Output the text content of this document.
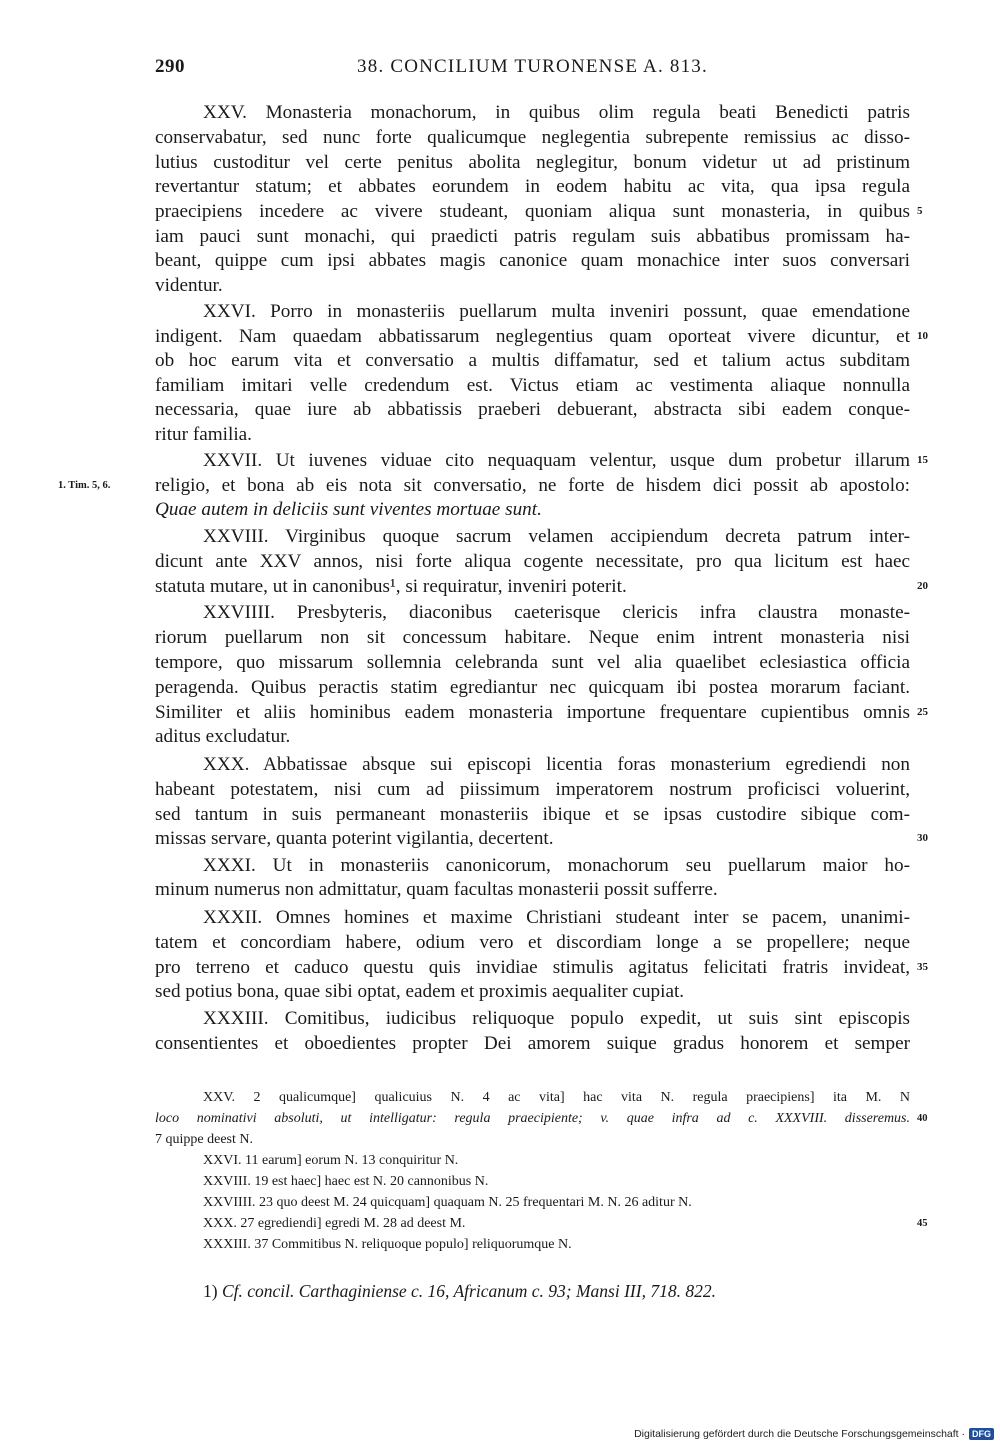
290	38. CONCILIUM TURONENSE A. 813.
XXV. Monasteria monachorum, in quibus olim regula beati Benedicti patris
conservabatur, sed nunc forte qualicumque neglegentia subrepente remissius ac disso-
lutius custoditur vel certe penitus abolita neglegitur, bonum videtur ut ad pristinum
revertantur statum; et abbates eorundem in eodem habitu ac vita, qua ipsa regula
praecipiens incedere ac vivere studeant, quoniam aliqua sunt monasteria, in quibus 5
iam pauci sunt monachi, qui praedicti patris regulam suis abbatibus promissam ha-
beant, quippe cum ipsi abbates magis canonice quam monachice inter suos conversari
videntur.
XXVI. Porro in monasteriis puellarum multa inveniri possunt, quae emendatione
indigent. Nam quaedam abbatissarum neglegentius quam oporteat vivere dicuntur, et 10
ob hoc earum vita et conversatio a multis diffamatur, sed et talium actus subditam
familiam imitari velle credendum est. Victus etiam ac vestimenta aliaque nonnulla
necessaria, quae iure ab abbatissis praeberi debuerant, abstracta sibi eadem conque-
ritur familia.
XXVII. Ut iuvenes viduae cito nequaquam velentur, usque dum probetur illarum 15
religio, et bona ab eis nota sit conversatio, ne forte de hisdem dici possit ab apostolo:
1. Tim. 5, 6.
Quae autem in deliciis sunt viventes mortuae sunt.
XXVIII. Virginibus quoque sacrum velamen accipiendum decreta patrum inter-
dicunt ante XXV annos, nisi forte aliqua cogente necessitate, pro qua licitum est haec
statuta mutare, ut in canonibus¹, si requiratur, inveniri poterit.	20
XXVIIII. Presbyteris, diaconibus caeterisque clericis infra claustra monaste-
riorum puellarum non sit concessum habitare. Neque enim intrent monasteria nisi
tempore, quo missarum sollemnia celebranda sunt vel alia quaelibet eclesiastica officia
peragenda. Quibus peractis statim egrediantur nec quicquam ibi postea morarum faciant.
Similiter et aliis hominibus eadem monasteria importune frequentare cupientibus omnis 25
aditus excludatur.
XXX. Abbatissae absque sui episcopi licentia foras monasterium egrediendi non
habeant potestatem, nisi cum ad piissimum imperatorem nostrum proficisci voluerint,
sed tantum in suis permaneant monasteriis ibique et se ipsas custodire sibique com-
missas servare, quanta poterint vigilantia, decertent.	30
XXXI. Ut in monasteriis canonicorum, monachorum seu puellarum maior ho-
minum numerus non admittatur, quam facultas monasterii possit sufferre.
XXXII. Omnes homines et maxime Christiani studeant inter se pacem, unanimi-
tatem et concordiam habere, odium vero et discordiam longe a se propellere; neque
pro terreno et caduco questu quis invidiae stimulis agitatus felicitati fratris invideat, 35
sed potius bona, quae sibi optat, eadem et proximis aequaliter cupiat.
XXXIII. Comitibus, iudicibus reliquoque populo expedit, ut suis sint episcopis
consentientes et oboedientes propter Dei amorem suique gradus honorem et semper
XXV. 2 qualicumque] qualicuius N. 4 ac vita] hac vita N. regula praecipiens] ita M. N
loco nominativi absoluti, ut intelligatur: regula praecipiente; v. quae infra ad c. XXXVIII. disseremus. 40
7 quippe deest N.
XXVI. 11 earum] eorum N. 13 conquiritur N.
XXVIII. 19 est haec] haec est N. 20 cannonibus N.
XXVIIII. 23 quo deest M. 24 quicquam] quaquam N. 25 frequentari M. N. 26 aditur N.
XXX. 27 egrediendi] egredi M. 28 ad deest M.	45
XXXIII. 37 Commitibus N. reliquoque populo] reliquorumque N.
1) Cf. concil. Carthaginiense c. 16, Africanum c. 93; Mansi III, 718. 822.
Digitalisierung gefördert durch die Deutsche Forschungsgemeinschaft · DFG
